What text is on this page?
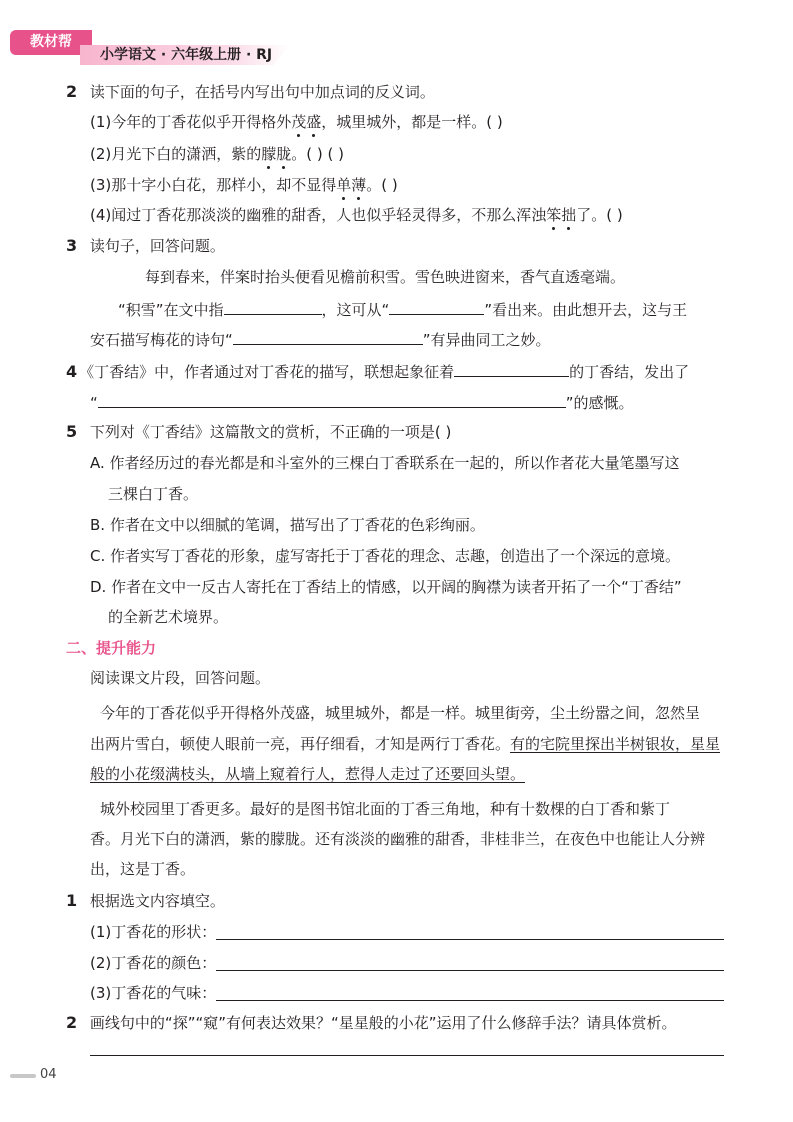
教材帮
小学语文 · 六年级上册 · RJ
2 读下面的句子，在括号内写出句中加点词的反义词。
(1)今年的丁香花似乎开得格外茂盛，城里城外，都是一样。( )
(2)月光下白的潇洒，紫的朦胧。( ) ( )
(3)那十字小白花，那样小，却不显得单薄。( )
(4)闻过丁香花那淡淡的幽雅的甜香，人也似乎轻灵得多，不那么浑浊笨拙了。( )
3 读句子，回答问题。
每到春来，伴案时抬头便看见檐前积雪。雪色映进窗来，香气直透毫端。
“积雪”在文中指	，这可从“	”看出来。由此想开去，这与王
安石描写梅花的诗句“	”有异曲同工之妙。
4 《丁香结》中，作者通过对丁香花的描写，联想起象征着	的丁香结，发出了
“	”的感慨。
5 下列对《丁香结》这篇散文的赏析，不正确的一项是( )
A. 作者经历过的春光都是和斗室外的三棵白丁香联系在一起的，所以作者花大量笔墨写这
三棵白丁香。
B. 作者在文中以细腻的笔调，描写出了丁香花的色彩绚丽。
C. 作者实写丁香花的形象，虚写寄托于丁香花的理念、志趣，创造出了一个深远的意境。
D. 作者在文中一反古人寄托在丁香结上的情感，以开阔的胸襟为读者开拓了一个“丁香结”
的全新艺术境界。
二、提升能力
阅读课文片段，回答问题。
今年的丁香花似乎开得格外茂盛，城里城外，都是一样。城里街旁，尘土纷嚣之间，忽然呈
出两片雪白，顿使人眼前一亮，再仔细看，才知是两行丁香花。有的宅院里探出半树银妆，星星
般的小花缀满枝头，从墙上窥着行人，惹得人走过了还要回头望。
城外校园里丁香更多。最好的是图书馆北面的丁香三角地，种有十数棵的白丁香和紫丁
香。月光下白的潇洒，紫的朦胧。还有淡淡的幽雅的甜香，非桂非兰，在夜色中也能让人分辨
出，这是丁香。
1 根据选文内容填空。
(1)丁香花的形状：
(2)丁香花的颜色：
(3)丁香花的气味：
2 画线句中的“探”“窥”有何表达效果？“星星般的小花”运用了什么修辞手法？请具体赏析。
04
